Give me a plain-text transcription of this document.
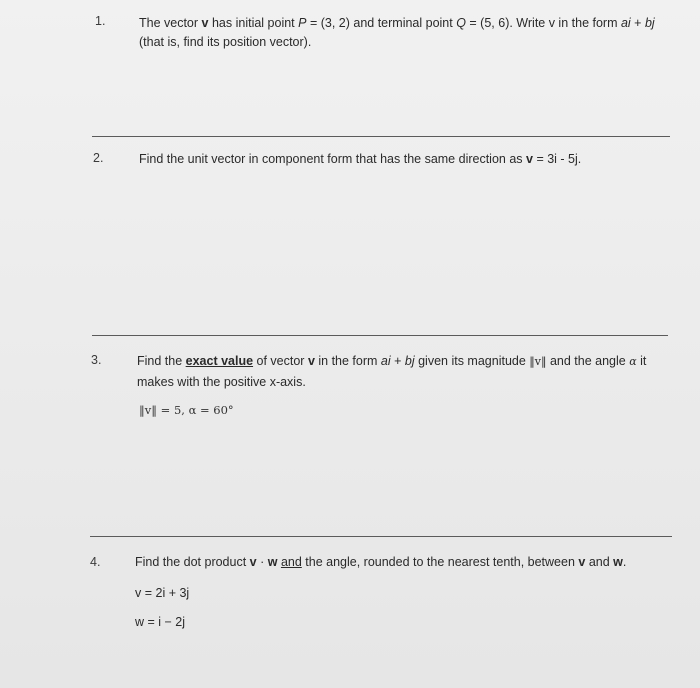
1.	The vector v has initial point P = (3, 2) and terminal point Q = (5, 6). Write v in the form ai + bj
(that is, find its position vector).
2.	Find the unit vector in component form that has the same direction as v = 3i - 5j.
3.	Find the exact value of vector v in the form ai + bj given its magnitude ‖v‖ and the angle α it
makes with the positive x-axis.
‖v‖ = 5, α = 60°
4.	Find the dot product v · w and the angle, rounded to the nearest tenth, between v and w.
v = 2i + 3j
w = i − 2j
